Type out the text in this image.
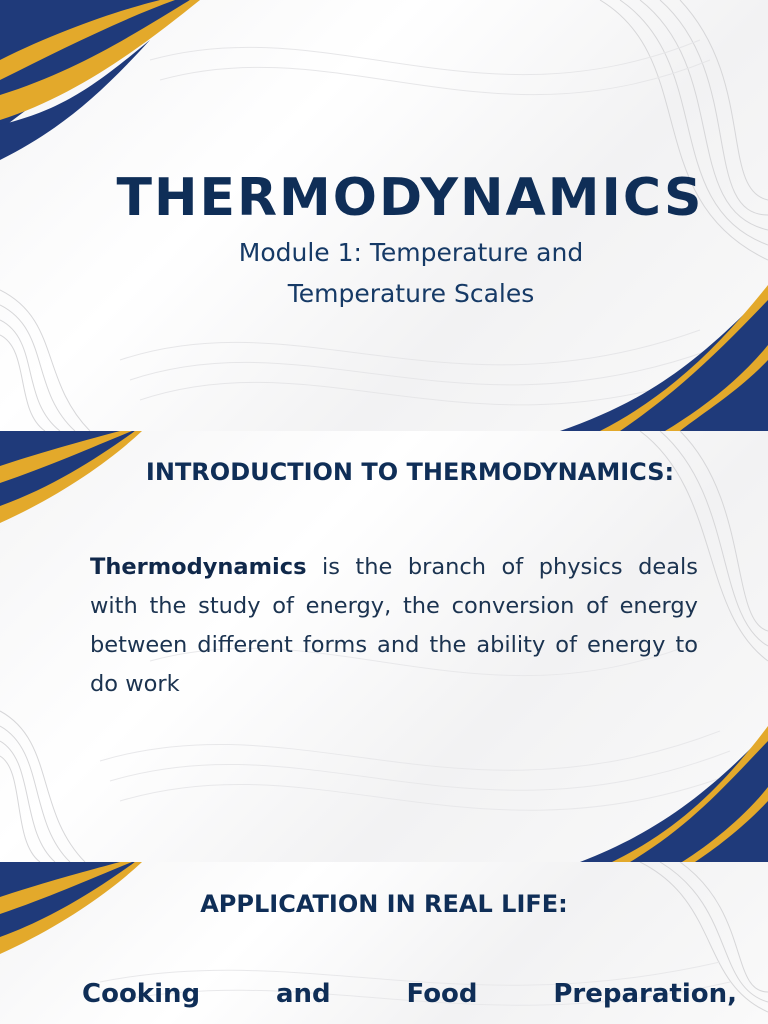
THERMODYNAMICS
Module 1: Temperature and
Temperature Scales
INTRODUCTION TO THERMODYNAMICS:

Thermodynamics is the branch of physics deals with the study of energy, the conversion of energy between different forms and the ability of energy to do work

APPLICATION IN REAL LIFE:

Cooking and Food Preparation,
